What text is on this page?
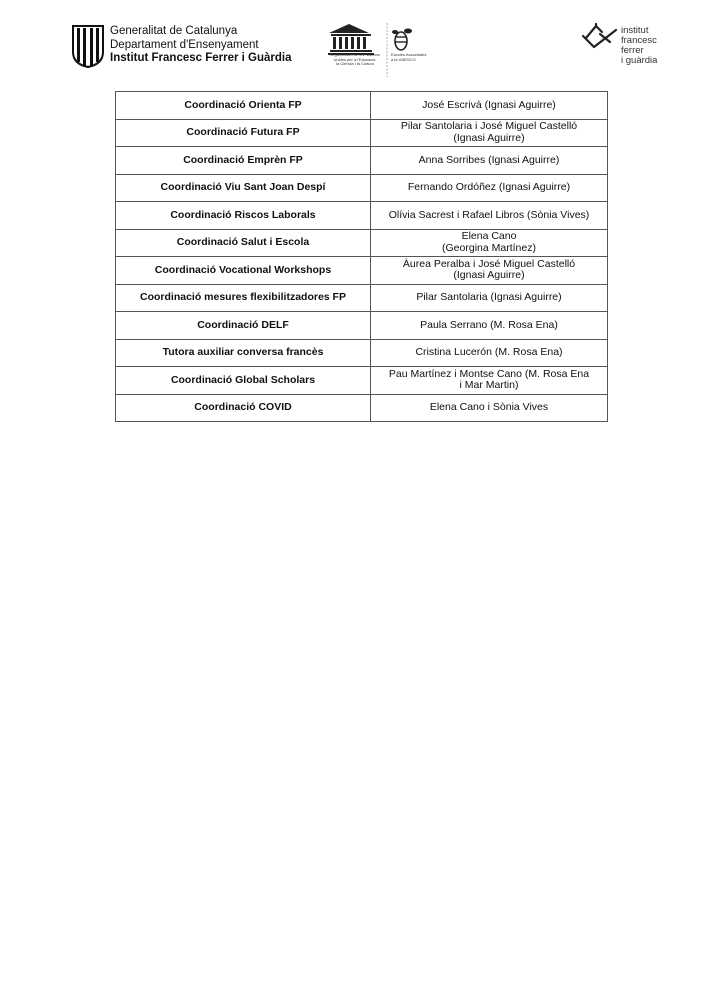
Generalitat de Catalunya
Departament d'Ensenyament
Institut Francesc Ferrer i Guàrdia	Organització de les Nacions
Unides per a l'Educació,
la Ciència i la Cultura
Escoles Associades
a la UNESCO
institut
francesc
ferrer
i guàrdia
Coordinació Orienta FP	José Escrivà (Ignasi Aguirre)

Coordinació Futura FP	Pilar Santolaria i José Miguel Castelló
(Ignasi Aguirre)

Coordinació Emprèn FP	Anna Sorribes (Ignasi Aguirre)

Coordinació Viu Sant Joan Despí	Fernando Ordóñez (Ignasi Aguirre)

Coordinació Riscos Laborals	Olívia Sacrest i Rafael Libros (Sònia Vives)

Coordinació Salut i Escola	Elena Cano
(Georgina Martínez)

Coordinació Vocational Workshops	Àurea Peralba i José Miguel Castelló
(Ignasi Aguirre)

Coordinació mesures flexibilitzadores FP	Pilar Santolaria (Ignasi Aguirre)

Coordinació DELF	Paula Serrano (M. Rosa Ena)

Tutora auxiliar conversa francès	Cristina Lucerón (M. Rosa Ena)

Coordinació Global Scholars	Pau Martínez i Montse Cano (M. Rosa Ena
i Mar Martin)

Coordinació COVID	Elena Cano i Sònia Vives
